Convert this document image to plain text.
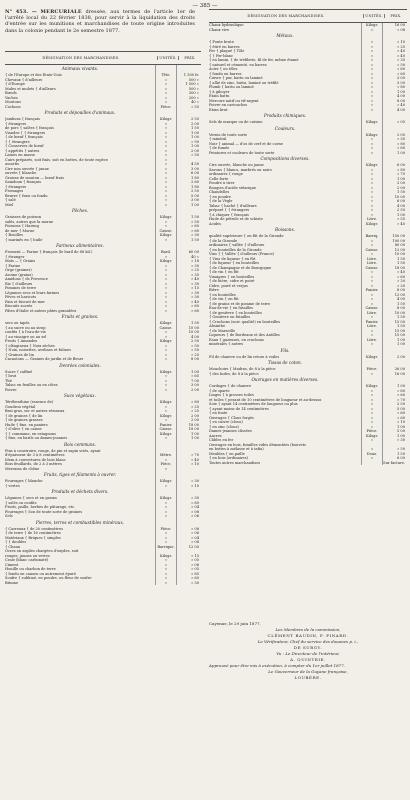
— 385 —
N° 453. — MERCURIALE dressée, aux termes de l'article 1er de l'arrêté local du 22 février 1838, pour servir à la liquidation des droits d'entrée sur les munitions et marchandises de toute origine introduites dans la colonie pendant le 2e semestre 1877.
DÉSIGNATION DES MARCHANDISES.	UNITÉS.	PRIX.
Animaux vivants.
{ de l'Europe et des États-Unis	Tête.	1 500 fr.
Chevaux { d'ailleurs	»	500 »
{ d'Europe	»	1 500 »
Mules et mulets { d'ailleurs	»	500 »
Bœufs	»	300 »
Vaches	»	200 »
Moutons	»	40 »
Cochons	Pièce.	» 55
Produits et dépouilles d'animaux.
Jambons { français	Kilogr.	2 50
{ étrangers	»	2 00
de porc { salées { français	»	1 50
Viandes { { étrangers	»	1 00
{ de bœuf { français	»	1 00
{ { étrangers	»	» 90
{ Conserves de bœuf	»	1 00
{ appétits { autres	»	2 00
Laines en masse	»	» 50
Cuirs préparés, soit finis, soit en bottes, de toute espèce	»
assortis	»	4 50
Cire non ouvrée { jaune	»	3 00
ouvrée { blanche	»	6 00
Graisse de mouton — bœuf frais	»	1 80
Saindoux { français	»	2 60
{ étrangers	»	1 80
Fromages	»	2 50
Beurre { frais ou fondu	»	5 00
{ salé	»	3 00
Miel	»	1 00
Pêches.
Graisses de poisson	Kilogr.	1 50
salés, autres que la morue	»	» 50
Poissons { Hareng	»	» 60
de mer { Morue	Caisse.	» 60
{ Bouilles	Kilogr.	» 30
{ marinés en { huile	»	1 50
Farineux alimentaires.
Froment — Farine { français (le baril de 88 kil.)	Baril.	60 00
{ étranger	»	40 »
Maïs — { Grains	Kilogr.	» 18
{ Farine	»	» 30
Orge (graines)	»	» 25
Avoine (grains)	»	» 35
Amidons { de Provence	»	» 40
Riz { d'ailleurs	»	» 30
Pommes de terre	»	» 15
Légumes secs et leurs farines	»	» 30
Fèves et haricots	»	» 30
Pain et biscuit de mer	»	» 40
Biscuits sucrés	»	» 60
Pâtes d'Italie et autres pâtes granulées	»	» 60
Fruits et graines.
secs ou tapés	Kilogr.	1 50
{ au sucre ou au sirop	Caisse.	10 00
confits { à l'eau-de-vie	»	10 00
{ au vinaigre ou au sel	»	4 00
Fruits { Amandes	Kilogr.	2 50
{ oléagineux { Noix sèches	»	» 50
{ Noix, noisettes, avelines et fulines	»	» 50
{ Graines de lin	»	» 25
Cacaotons — Graines de jardin et de fleurs	»	8 00
Denrées coloniales.
Sucre { raffiné	Kilogr.	1 00
{ brut	»	» 65
Thé	»	7 00
Tabac en feuilles ou en côtes	»	3 00
Poivre	»	2 00
Sucs végétaux.
Térébenthine (essence de)	Kilogr.	» 80
Goudron végétal	»	» 25
Brai gras, sec et autres résineux	»	» 25
{ de graines { de lin	Kilogr.	2 00
{ de graines grasses	»	2 00
Huile { fine, en paniers	Panier.	18 00
{ d'olive { en caisse	Caisse.	18 00
{ { commune, en estagnons	Kilogr.	1 00
{ fine, en barils ou dames-jeannes	»	1 00
Bois communs.
Pins à construire, rouge, de pin et sapin sciés, ayant
d'épaisseur de 3 à 8 centimètres	Mètre.	» 70
Idem à couvertures de bois blanc	»	» 40
Bois feuillards, de 2 à 3 mètres	Pièce.	» 10
Merrains de chêne	»
Fruits, tiges et filaments à ouvrer.
Fourrages { blanche	Kilogr.	» 30
{ vertes	»	» 10
Produits et déchets divers.
Légumes { secs et en grains	Kilogr.	» 30
{ salés ou confits	»	» 60
Fruits, paille, herbes de pâturage, etc.	»	» 04
Fourrages { Son de toute sorte de graines	»	» 08
Sels	»	» 06
Pierres, terres et combustibles minéraux.
{ Carreaux { de 20 centimètres	Pièce.	» 08
{ de terre { de 16 centimètres	»	» 06
Matériaux { Briques { simples	»	» 04
{ { doubles	»	» 08
{ Chaux	Barrique.	12 00
Ocres en argiles chargées d'oxydes, soit
rouges, jaunes ou vertes	Kilogr.	» 15
Craie (blanc carbonaté)	»	» 05
Ciment	»	» 06
Houille ou charbon de terre	»	» 05
{ fondu en canons ou autrement épuré	»	» 85
Soufre { sublimé, en poudre, ou fleur de soufre	»	» 60
Bitume	»	» 30
DÉSIGNATION DES MARCHANDISES.	UNITÉS.	PRIX.
Chaux hydraulique	Kilogr.	16 00
Chaux vive	»	» 08
Métaux.
{ Fonte brute	»	» 10
{ étiré en barres	»	» 25
Fer { plaqué { Tôle	»	» 40
{ { Fer-blanc	»	» 40
{ en lamin. { de tréfilerie, fil de fer, même étamé	»	» 35
{ naturel et cémenté, en barres	»	» 50
Acier { ou tôles	»	» 60
{ fondu en barres	»	» 60
Cuivre { pur, battu ou laminé	»	3 00
{ allié de zinc, battu, laminé ou tréfilé	»	3 00
Plomb { battu ou laminé	»	» 80
{ à giboyer	»	1 00
Étain battu	»	4 00
Mercure natif ou vif-argent	»	8 00
Poivre en cartouches	»	» 40
Étain brut	»	4 00
Produits chimiques.
Sels de marque ou de cuisine	Kilogr.	» 05
Couleurs.
Vernis de toute sorte	Kilogr.	2 00
{ minéral	»	» 30
Noir { animal — d'os de cerf et de corne	»	» 80
{ de fumée	»	» 80
Peintures et couleurs de toute sorte	»	1 00
Compositions diverses.
Cire ouvrée, blanche ou jaune	Kilogr.	6 00
Savons { blancs, marbrés ou noirs	»	» 80
ordinaires { rouge	»	» 70
Colle forte	»	1 00
Poudre à tirer	»	3 00
Bougies d'acide stéarique	»	2 00
Chandelles	»	1 50
{ en poudre	»	10 00
{ de la Vègle	»	6 00
Tabac { haché { d'ailleurs	»	4 00
préparé { { étrangers	»	2 50
{ à chiquer { français	»	1 00
Huile de pétrole et de schiste	Litre.	» 55
Acides	Kilogr.	» 40
Boissons.
qualité supérieure { en fût de la Gironde	Barriq.	150 00
{ de la Gironde	»	100 00
ordinaires { vallée { d'ailleurs	»	80 00
{ en bouteilles de la Gironde	Caisse.	12 00
Vins { { Vallée { d'ailleurs (France)	»	10 00
{ Vins de liqueur { en fût	Litre.	1 50
{ de liqueur { en bouteilles	Litre.	1 50
{ de Champagne et de Bourgogne	Caisse.	18 00
{ de vin { en fût	»	» 40
Vinaigres { en bouteilles	»	» 60
{ de bière, cidre et poiré	»	» 20
Cidre, poiré et verjus	»	» 20
Bière	Panier.	8 00
{ en bouteilles	»	12 00
{ de vin { en fût	»	4 00
{ de grains et de pomme de terre	»	1 50
Eau-de-vie { en futailles	Caisse.	8 00
{ de genièvre { en bouteilles	Litre.	10 00
{ Genièvre en futailles	»	1 50
{ Cruchons (suiv. qualité) en bouteilles	Panier.	15 00
Absinthe	Litre.	1 50
{ de Marseille	»	15 00
Liqueurs { de Bordeaux et des Antilles	»	15 00
Eaux { gazeuses, en cruchons	Litre.	1 00
minérales { autres	»	1 00
Fils.
Fil de chanvre ou de lin retors à voiles	Kilogr.	2 00
Tissus de coton.
Mouchoirs { Madras, de 8 à la pièce	Pièce.	26 00
{ des Indes, de 8 à la pièce	»	16 00
Ouvrages en matières diverses.
Cordages { de chanvre	Kilogr.	1 00
{ de sparte	»	» 60
Linges { à grosses toiles	»	» 60
et toiles { pesant de 10 centimètres de longueur et au-dessus	»	» 70
Soie { ayant 14 centimètres de longueur ou plus	»	2 50
{ ayant moins de 14 centimètres	»	5 00
{ en fonte	»	» 60
Ouvrages { Clous forgés	»	» 60
{ en cuivre (clous)	»	» 10
{ en zinc (clous)	»	1 00
Dames-jeannes clissées	Pièce.	5 00
Ancres	Kilogr.	1 00
Câbles en fer	»	» 30
Ouvrages en bois, futailles vides démontées (bouvets
en bottes à mélasse et à tafia)	»	» 50
Meubles { en paille	Douz.	1 50
{ en bois (ordinaires)	»	6 00
Toutes autres marchandises	Sur facture.
Cayenne, le 29 juin 1877.
Les Membres de la commission,
CLÉMENT BAUDIN, P. PINARD.
Le Vérificateur, Chef du service des douanes p. i.,
DE SURGY.
Vu : Le Directeur de l'intérieur,
A. QUINTRIE.
Approuvé pour être mis à exécution, à compter du 1er juillet 1877.
Le Gouverneur de la Guyane française,
LOUBÈRE.
